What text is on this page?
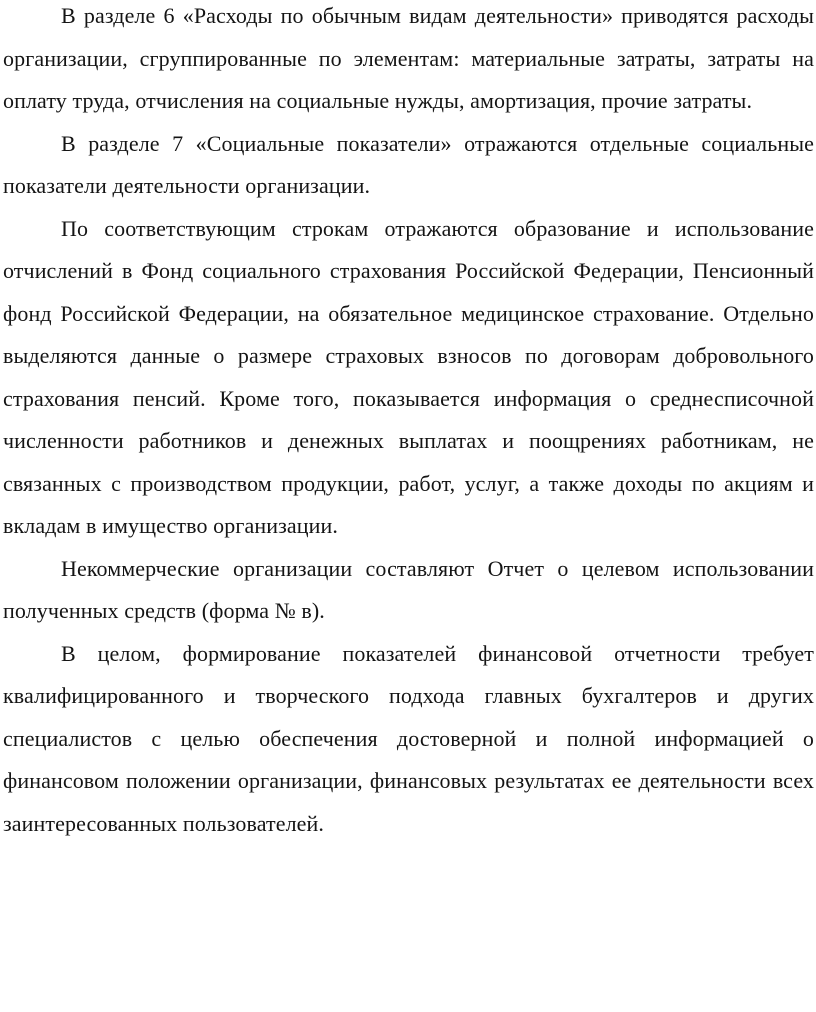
В разделе 6 «Расходы по обычным видам деятельности» приводятся расходы организации, сгруппированные по элементам: материальные затраты, затраты на оплату труда, отчисления на социальные нужды, амортизация, прочие затраты.

В разделе 7 «Социальные показатели» отражаются отдельные социальные показатели деятельности организации.

По соответствующим строкам отражаются образование и использование отчислений в Фонд социального страхования Российской Федерации, Пенсионный фонд Российской Федерации, на обязательное медицинское страхование. Отдельно выделяются данные о размере страховых взносов по договорам добровольного страхования пенсий. Кроме того, показывается информация о среднесписочной численности работников и денежных выплатах и поощрениях работникам, не связанных с производством продукции, работ, услуг, а также доходы по акциям и вкладам в имущество организации.

Некоммерческие организации составляют Отчет о целевом использовании полученных средств (форма № в).

В целом, формирование показателей финансовой отчетности требует квалифицированного и творческого подхода главных бухгалтеров и других специалистов с целью обеспечения достоверной и полной информацией о финансовом положении организации, финансовых результатах ее деятельности всех заинтересованных пользователей.
